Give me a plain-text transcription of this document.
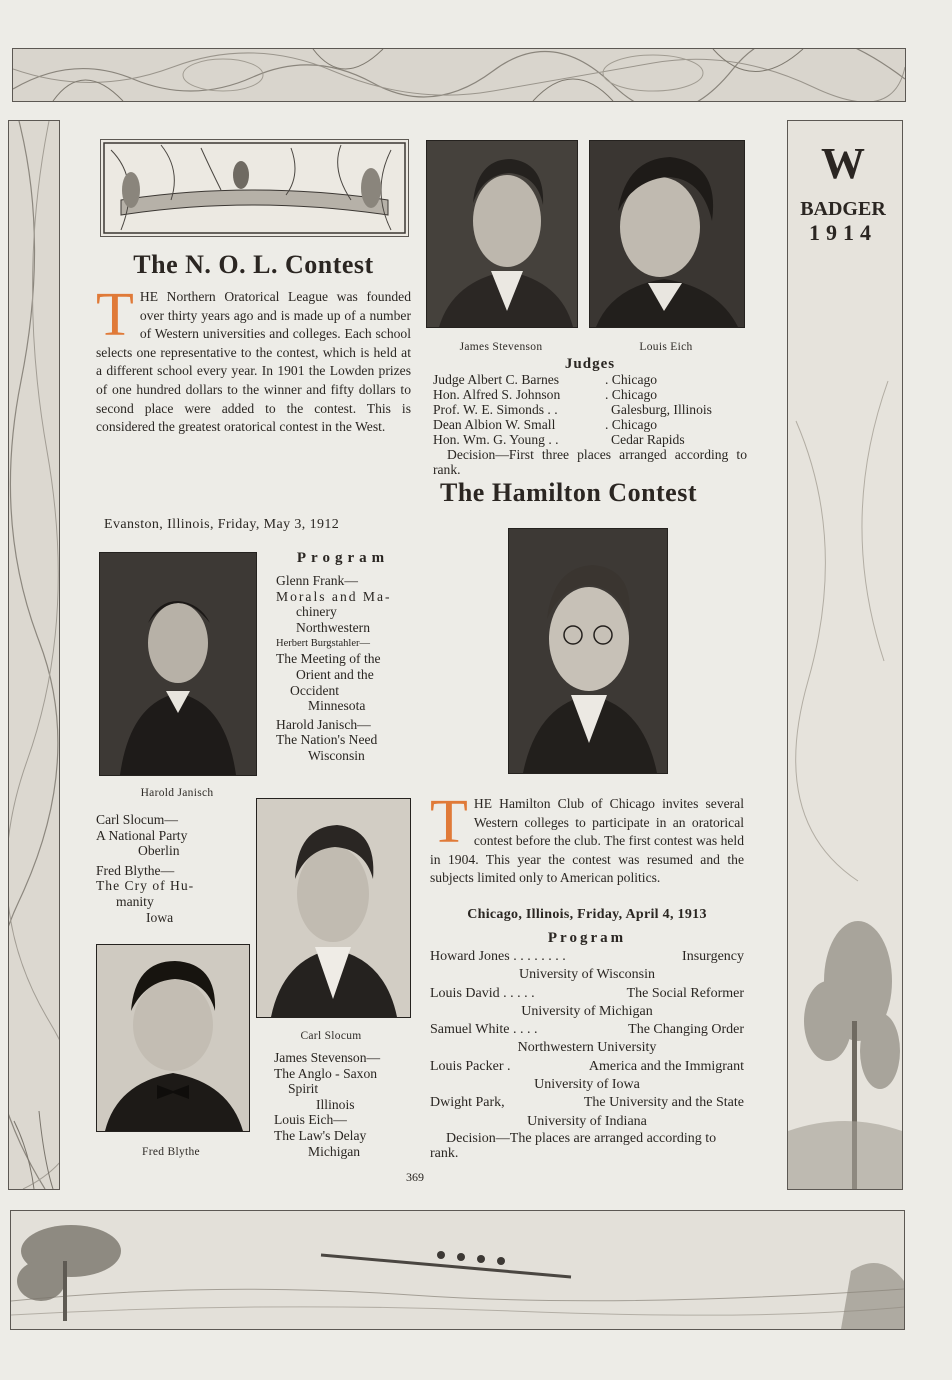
W
BADGER
1914
The N. O. L. Contest
THE Northern Oratorical League was founded over thirty years ago and is made up of a number of Western universities and colleges. Each school selects one representative to the contest, which is held at a different school every year. In 1901 the Lowden prizes of one hundred dollars to the winner and fifty dollars to second place were added to the contest. This is considered the greatest oratorical contest in the West.
Evanston, Illinois, Friday, May 3, 1912
Harold Janisch
Program
Glenn Frank—
Morals and Ma-
chinery
Northwestern
Herbert Burgstahler—
The Meeting of the
Orient and the
Occident
Minnesota
Harold Janisch—
The Nation's Need
Wisconsin
Carl Slocum—
A National Party
Oberlin
Fred Blythe—
The Cry of Hu-
manity
Iowa
Carl Slocum
Fred Blythe
James Stevenson—
The Anglo - Saxon
Spirit
Illinois
Louis Eich—
The Law's Delay
Michigan
James Stevenson	Louis Eich
Judges
Judge Albert C. Barnes	. Chicago
Hon. Alfred S. Johnson	. Chicago
Prof. W. E. Simonds . .	Galesburg, Illinois
Dean Albion W. Small	. Chicago
Hon. Wm. G. Young . .	Cedar Rapids
Decision—First three places arranged according to rank.
The Hamilton Contest
THE Hamilton Club of Chicago invites several Western colleges to participate in an oratorical contest before the club. The first contest was held in 1904. This year the contest was resumed and the subjects limited only to American politics.
Chicago, Illinois, Friday, April 4, 1913
Program
Howard Jones . . . . . . . .	Insurgency
University of Wisconsin
Louis David . . . . .	The Social Reformer
University of Michigan
Samuel White . . . .	The Changing Order
Northwestern University
Louis Packer .	America and the Immigrant
University of Iowa
Dwight Park,	The University and the State
University of Indiana
Decision—The places are arranged according to rank.
369
